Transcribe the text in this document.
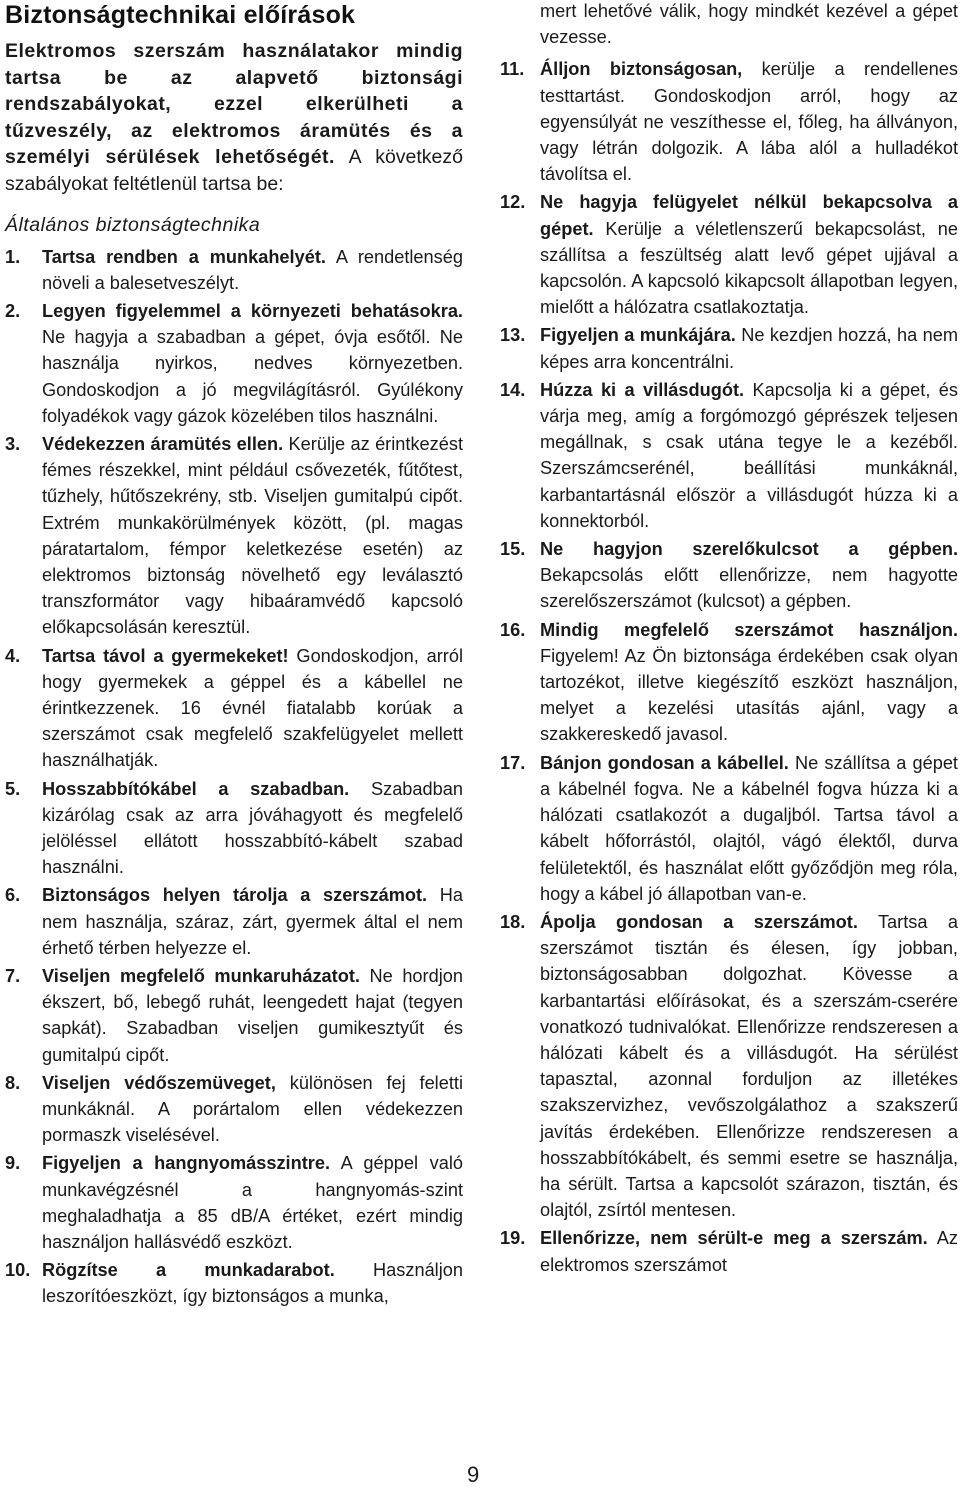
Biztonságtechnikai előírások
Elektromos szerszám használatakor mindig tartsa be az alapvető biztonsági rendszabályokat, ezzel elkerülheti a tűzveszély, az elektromos áramütés és a személyi sérülések lehetőségét. A következő szabályokat feltétlenül tartsa be:
Általános biztonságtechnika
1. Tartsa rendben a munkahelyét. A rendetlenség növeli a balesetveszélyt.
2. Legyen figyelemmel a környezeti behatásokra. Ne hagyja a szabadban a gépet, óvja esőtől. Ne használja nyirkos, nedves környezetben. Gondoskodjon a jó megvilágításról. Gyúlékony folyadékok vagy gázok közelében tilos használni.
3. Védekezzen áramütés ellen. Kerülje az érintkezést fémes részekkel, mint például csővezeték, fűtőtest, tűzhely, hűtőszekrény, stb. Viseljen gumitalpú cipőt. Extrém munkakörülmények között, (pl. magas páratartalom, fémpor keletkezése esetén) az elektromos biztonság növelhető egy leválasztó transzformátor vagy hibaáramvédő kapcsoló előkapcsolásán keresztül.
4. Tartsa távol a gyermekeket! Gondoskodjon, arról hogy gyermekek a géppel és a kábellel ne érintkezzenek. 16 évnél fiatalabb korúak a szerszámot csak megfelelő szakfelügyelet mellett használhatják.
5. Hosszabbítókábel a szabadban. Szabadban kizárólag csak az arra jóváhagyott és megfelelő jelöléssel ellátott hosszabbító-kábelt szabad használni.
6. Biztonságos helyen tárolja a szerszámot. Ha nem használja, száraz, zárt, gyermek által el nem érhető térben helyezze el.
7. Viseljen megfelelő munkaruházatot. Ne hordjon ékszert, bő, lebegő ruhát, leengedett hajat (tegyen sapkát). Szabadban viseljen gumikesztyűt és gumitalpú cipőt.
8. Viseljen védőszemüveget, különösen fej feletti munkáknál. A porártalom ellen védekezzen pormaszk viselésével.
9. Figyeljen a hangnyomásszintre. A géppel való munkavégzésnél a hangnyomás-szint meghaladhatja a 85 dB/A értéket, ezért mindig használjon hallásvédő eszközt.
10. Rögzítse a munkadarabot. Használjon leszorítóeszközt, így biztonságos a munka,
mert lehetővé válik, hogy mindkét kezével a gépet vezesse.
11. Álljon biztonságosan, kerülje a rendellenes testtartást. Gondoskodjon arról, hogy az egyensúlyát ne veszíthesse el, főleg, ha állványon, vagy létrán dolgozik. A lába alól a hulladékot távolítsa el.
12. Ne hagyja felügyelet nélkül bekapcsolva a gépet. Kerülje a véletlenszerű bekapcsolást, ne szállítsa a feszültség alatt levő gépet ujjával a kapcsolón. A kapcsoló kikapcsolt állapotban legyen, mielőtt a hálózatra csatlakoztatja.
13. Figyeljen a munkájára. Ne kezdjen hozzá, ha nem képes arra koncentrálni.
14. Húzza ki a villásdugót. Kapcsolja ki a gépet, és várja meg, amíg a forgómozgó géprészek teljesen megállnak, s csak utána tegye le a kezéből. Szerszámcserénél, beállítási munkáknál, karbantartásnál először a villásdugót húzza ki a konnektorból.
15. Ne hagyjon szerelőkulcsot a gépben. Bekapcsolás előtt ellenőrizze, nem hagyotte szerelőszerszámot (kulcsot) a gépben.
16. Mindig megfelelő szerszámot használjon. Figyelem! Az Ön biztonsága érdekében csak olyan tartozékot, illetve kiegészítő eszközt használjon, melyet a kezelési utasítás ajánl, vagy a szakkereskedő javasol.
17. Bánjon gondosan a kábellel. Ne szállítsa a gépet a kábelnél fogva. Ne a kábelnél fogva húzza ki a hálózati csatlakozót a dugaljból. Tartsa távol a kábelt hőforrástól, olajtól, vágó élektől, durva felületektől, és használat előtt győződjön meg róla, hogy a kábel jó állapotban van-e.
18. Ápolja gondosan a szerszámot. Tartsa a szerszámot tisztán és élesen, így jobban, biztonságosabban dolgozhat. Kövesse a karbantartási előírásokat, és a szerszám-cserére vonatkozó tudnivalókat. Ellenőrizze rendszeresen a hálózati kábelt és a villásdugót. Ha sérülést tapasztal, azonnal forduljon az illetékes szakszervizhez, vevőszolgálathoz a szakszerű javítás érdekében. Ellenőrizze rendszeresen a hosszabbítókábelt, és semmi esetre se használja, ha sérült. Tartsa a kapcsolót szárazon, tisztán, és olajtól, zsírtól mentesen.
19. Ellenőrizze, nem sérült-e meg a szerszám. Az elektromos szerszámot
9
